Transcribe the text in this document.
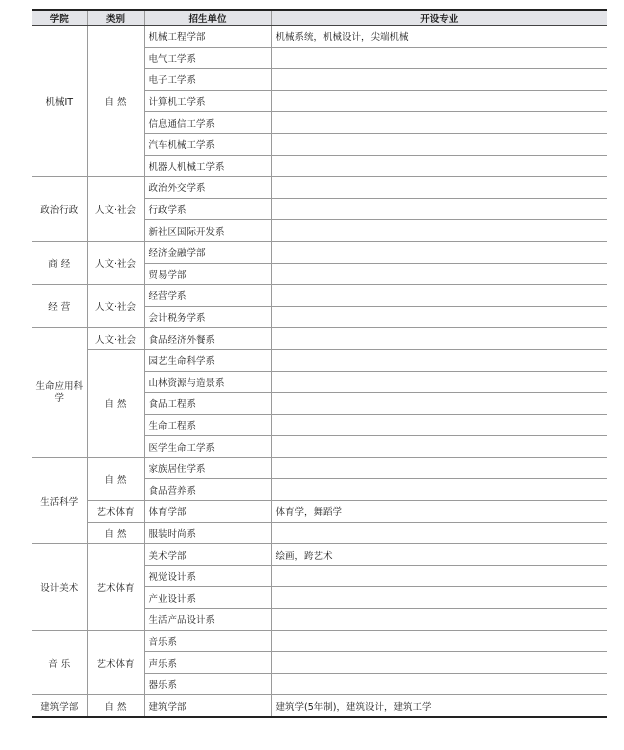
学院	类别	招生单位	开设专业
机械IT	自 然	机械工程学部	机械系统，机械设计，尖端机械
		电气工学系	
		电子工学系	
		计算机工学系	
		信息通信工学系	
		汽车机械工学系	
		机器人机械工学系	
政治行政	人文·社会	政治外交学系	
		行政学系	
		新社区国际开发系	
商 经	人文·社会	经济金融学部	
		贸易学部	
经 营	人文·社会	经营学系	
		会计税务学系	
生命应用科学	人文·社会	食品经济外餐系	
	自 然	园艺生命科学系	
		山林资源与造景系	
		食品工程系	
		生命工程系	
		医学生命工学系	
生活科学	自 然	家族居住学系	
		食品营养系	
	艺术体育	体育学部	体育学，舞蹈学
	自 然	服装时尚系	
设计美术	艺术体育	美术学部	绘画，跨艺术
		视觉设计系	
		产业设计系	
		生活产品设计系	
音 乐	艺术体育	音乐系	
		声乐系	
		器乐系	
建筑学部	自 然	建筑学部	建筑学(5年制)，建筑设计，建筑工学
